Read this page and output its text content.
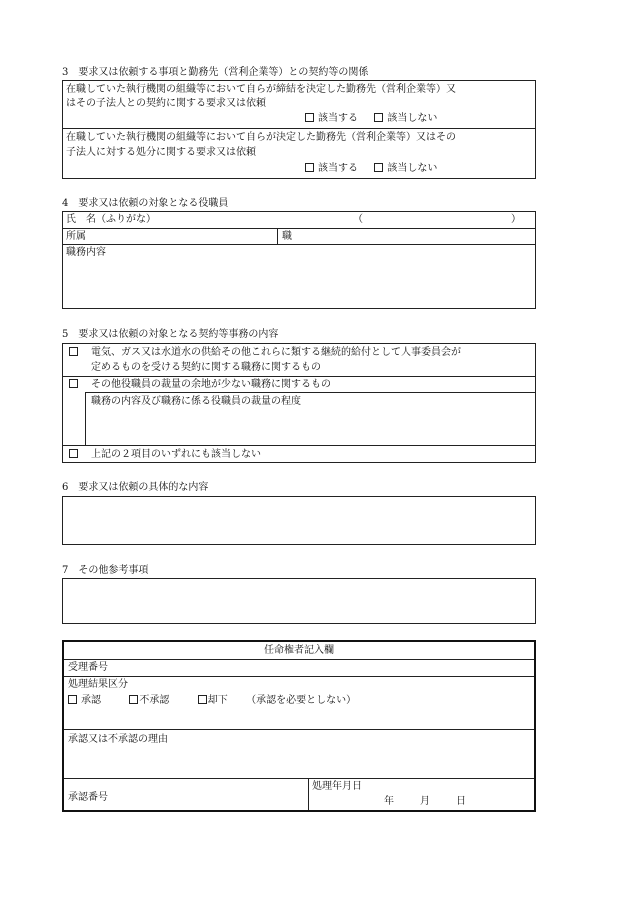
3　要求又は依頼する事項と勤務先（営利企業等）との契約等の関係
在職していた執行機関の組織等において自らが締結を決定した勤務先（営利企業等）又
はその子法人との契約に関する要求又は依頼
該当する	該当しない
在職していた執行機関の組織等において自らが決定した勤務先（営利企業等）又はその
子法人に対する処分に関する要求又は依頼
該当する	該当しない
4　要求又は依頼の対象となる役職員
氏　名（ふりがな）	（	）
所属	職
職務内容
5　要求又は依頼の対象となる契約等事務の内容
電気、ガス又は水道水の供給その他これらに類する継続的給付として人事委員会が
定めるものを受ける契約に関する職務に関するもの
その他役職員の裁量の余地が少ない職務に関するもの
職務の内容及び職務に係る役職員の裁量の程度
上記の２項目のいずれにも該当しない
6　要求又は依頼の具体的な内容
7　その他参考事項
任命権者記入欄
受理番号
処理結果区分
承認	不承認	却下 （承認を必要としない）
承認又は不承認の理由
承認番号
処理年月日
年	月	日
